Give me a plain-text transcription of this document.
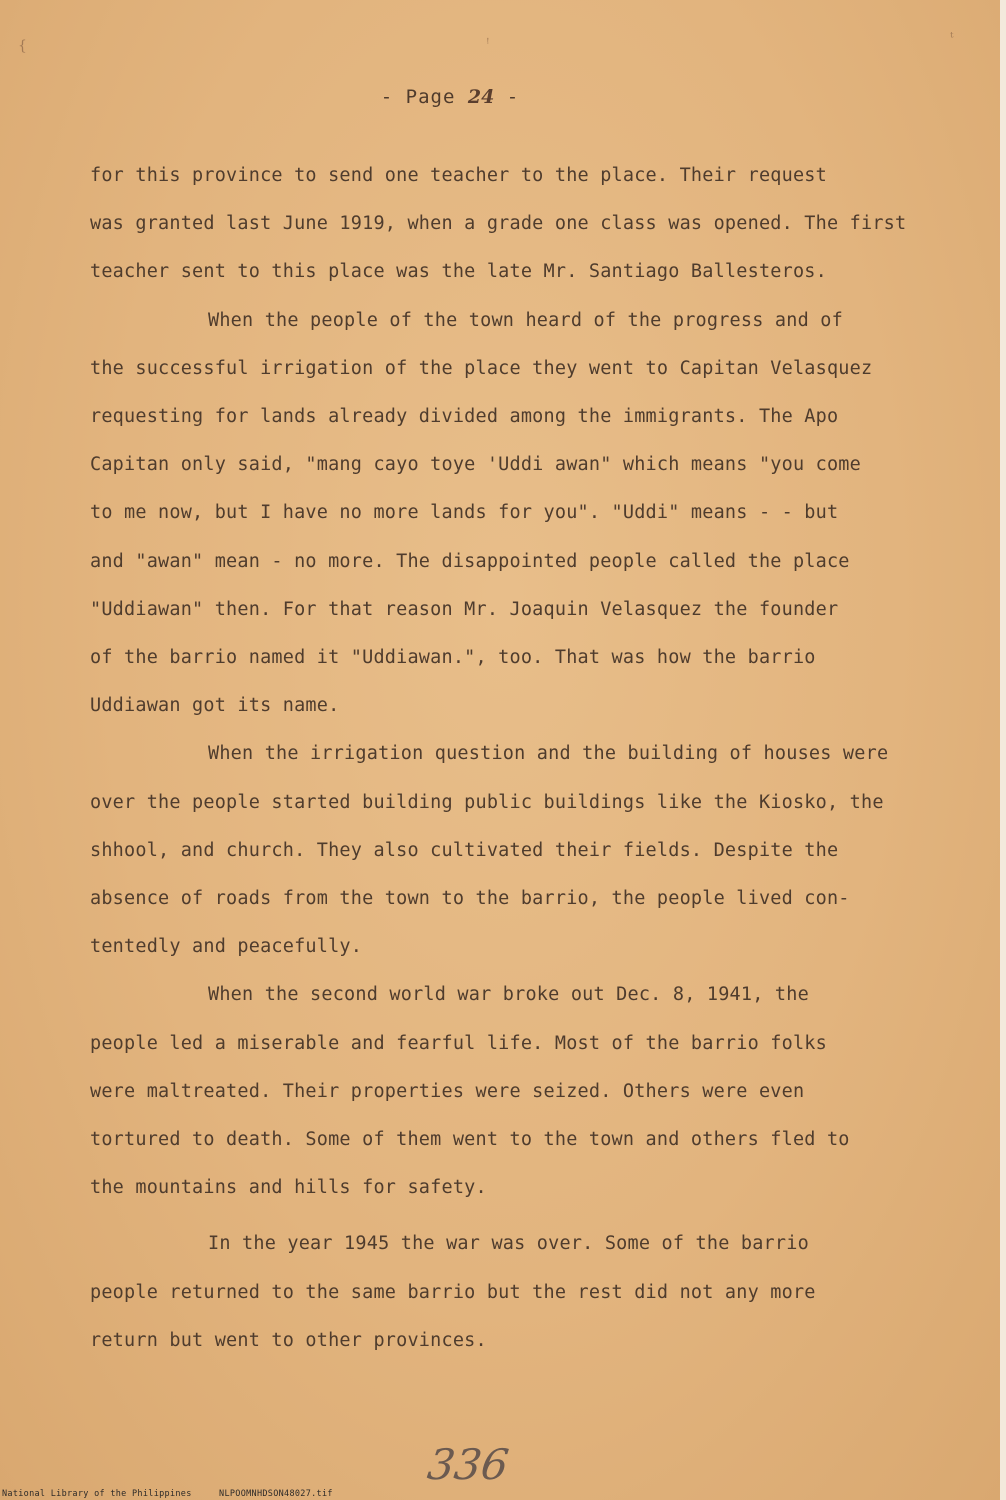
{	ꜝ	ᵗ
- Page 24 -

for this province to send one teacher to the place. Their request
was granted last June 1919, when a grade one class was opened. The first
teacher sent to this place was the late Mr. Santiago Ballesteros.

When the people of the town heard of the progress and of
the successful irrigation of the place they went to Capitan Velasquez
requesting for lands already divided among the immigrants. The Apo
Capitan only said, "mang cayo toye 'Uddi awan" which means "you come
to me now, but I have no more lands for you". "Uddi" means - - but
and "awan" mean - no more. The disappointed people called the place
"Uddiawan" then. For that reason Mr. Joaquin Velasquez the founder
of the barrio named it "Uddiawan.", too. That was how the barrio
Uddiawan got its name.

When the irrigation question and the building of houses were
over the people started building public buildings like the Kiosko, the
shhool, and church. They also cultivated their fields. Despite the
absence of roads from the town to the barrio, the people lived con-
tentedly and peacefully.

When the second world war broke out Dec. 8, 1941, the
people led a miserable and fearful life. Most of the barrio folks
were maltreated. Their properties were seized. Others were even
tortured to death. Some of them went to the town and others fled to
the mountains and hills for safety.

In the year 1945 the war was over. Some of the barrio
people returned to the same barrio but the rest did not any more
return but went to other provinces.

336
National Library of the Philippines	NLPOOMNHDSON48027.tif
